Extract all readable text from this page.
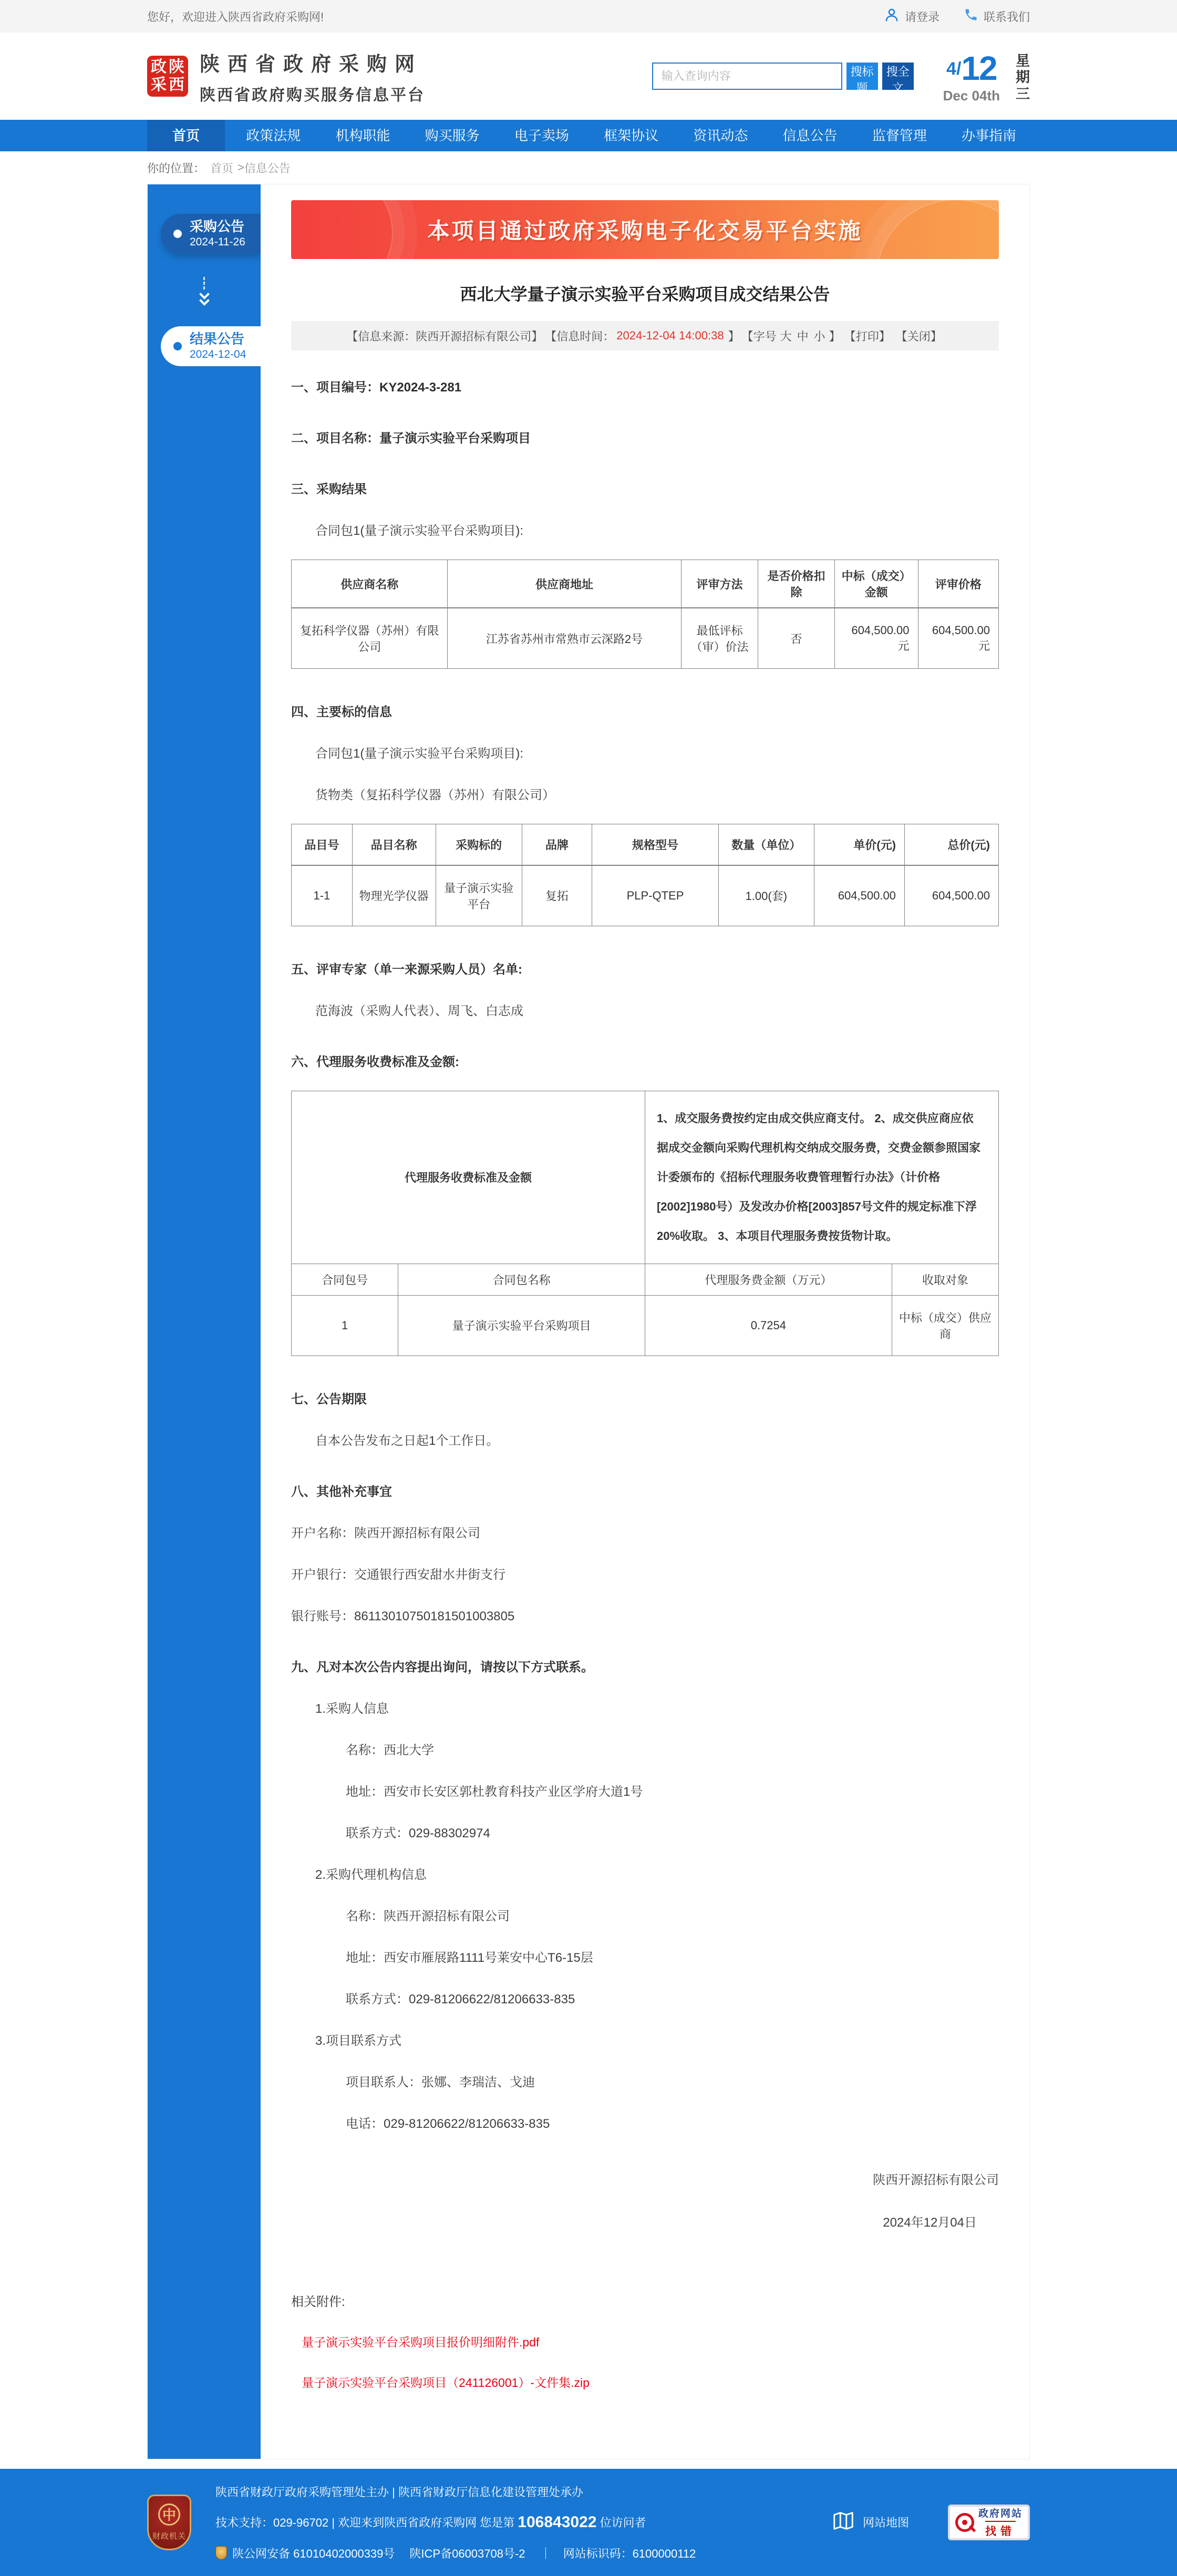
您好，欢迎进入陕西省政府采购网!	请登录	联系我们
政 陕
采 西
陕西省政府采购网
陕西省政府购买服务信息平台
输入查询内容
搜标题
搜全文
4/12
Dec 04th
星
期
三
首页	政策法规	机构职能	购买服务	电子卖场	框架协议	资讯动态	信息公告	监督管理	办事指南
你的位置： 首页 > 信息公告
采购公告
2024-11-26
结果公告
2024-12-04
本项目通过政府采购电子化交易平台实施
西北大学量子演示实验平台采购项目成交结果公告
【信息来源：陕西开源招标有限公司】 【信息时间： 2024-12-04 14:00:38 】 【字号 大 中 小 】 【打印】 【关闭】
一、项目编号：KY2024-3-281
二、项目名称：量子演示实验平台采购项目
三、采购结果
合同包1(量子演示实验平台采购项目):
供应商名称	供应商地址	评审方法	是否价格扣除	中标（成交）金额	评审价格
复拓科学仪器（苏州）有限公司	江苏省苏州市常熟市云深路2号	最低评标（审）价法	否	604,500.00元	604,500.00元
四、主要标的信息
合同包1(量子演示实验平台采购项目):
货物类（复拓科学仪器（苏州）有限公司）
品目号	品目名称	采购标的	品牌	规格型号	数量（单位）	单价(元)	总价(元)
1-1	物理光学仪器	量子演示实验平台	复拓	PLP-QTEP	1.00(套)	604,500.00	604,500.00
五、评审专家（单一来源采购人员）名单:
范海波（采购人代表）、周飞、白志成
六、代理服务收费标准及金额:
代理服务收费标准及金额		1、成交服务费按约定由成交供应商支付。 2、成交供应商应依据成交金额向采购代理机构交纳成交服务费，交费金额参照国家计委颁布的《招标代理服务收费管理暂行办法》（计价格[2002]1980号）及发改办价格[2003]857号文件的规定标准下浮20%收取。 3、本项目代理服务费按货物计取。	
合同包号	合同包名称	代理服务费金额（万元）	收取对象
1	量子演示实验平台采购项目	0.7254	中标（成交）供应商
七、公告期限
自本公告发布之日起1个工作日。
八、其他补充事宜
开户名称：陕西开源招标有限公司
开户银行：交通银行西安甜水井街支行
银行账号：86113010750181501003805
九、凡对本次公告内容提出询问，请按以下方式联系。
1.采购人信息
名称：西北大学
地址：西安市长安区郭杜教育科技产业区学府大道1号
联系方式：029-88302974
2.采购代理机构信息
名称：陕西开源招标有限公司
地址：西安市雁展路1111号莱安中心T6-15层
联系方式：029-81206622/81206633-835
3.项目联系方式
项目联系人：张娜、李瑞洁、戈迪
电话：029-81206622/81206633-835
陕西开源招标有限公司
2024年12月04日
相关附件:
量子演示实验平台采购项目报价明细附件.pdf
量子演示实验平台采购项目（241126001）-文件集.zip
中
财政机关
陕西省财政厅政府采购管理处主办 | 陕西省财政厅信息化建设管理处承办
技术支持：029-96702 | 欢迎来到陕西省政府采购网 您是第 106843022 位访问者
陕公网安备 61010402000339号 陕ICP备06003708号-2 ｜ 网站标识码：6100000112
网站地图
政府网站
找错
